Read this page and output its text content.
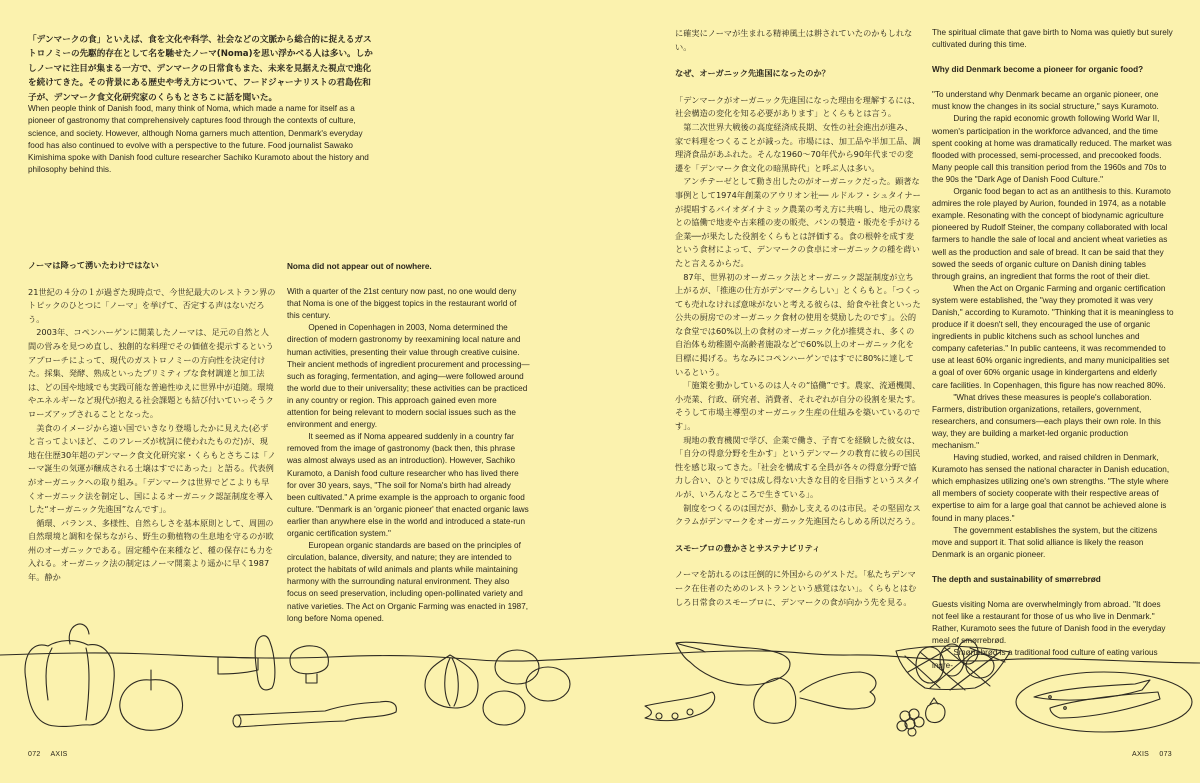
「デンマークの食」といえば、食を文化や科学、社会などの文脈から総合的に捉えるガストロノミーの先駆的存在として名を馳せたノーマ(Noma)を思い浮かべる人は多い。しかしノーマに注目が集まる一方で、デンマークの日常食もまた、未来を見据えた視点で進化を続けてきた。その背景にある歴史や考え方について、フードジャーナリストの君島佐和子が、デンマーク食文化研究家のくらもとさちこに話を聞いた。

When people think of Danish food, many think of Noma, which made a name for itself as a pioneer of gastronomy that comprehensively captures food through the contexts of culture, science, and society. However, although Noma garners much attention, Denmark's everyday food has also continued to evolve with a perspective to the future. Food journalist Sawako Kimishima spoke with Danish food culture researcher Sachiko Kuramoto about the history and philosophy behind this.

ノーマは降って湧いたわけではない

21世紀の４分の１が過ぎた現時点で、今世紀最大のレストラン界のトピックのひとつに「ノーマ」を挙げて、否定する声はないだろう。

2003年、コペンハーゲンに開業したノーマは、足元の自然と人間の営みを見つめ直し、独創的な料理でその価値を提示するというアプローチによって、現代のガストロノミーの方向性を決定付けた。採集、発酵、熟成といったプリミティブな食材調達と加工法は、どの国や地域でも実践可能な普遍性ゆえに世界中が追随。環境やエネルギーなど現代が抱える社会課題とも結び付いていっそうクローズアップされることとなった。

美食のイメージから遠い国でいきなり登場したかに見えた(必ずと言ってよいほど、このフレーズが枕詞に使われたものだ)が、現地在住歴30年超のデンマーク食文化研究家・くらもとさちこは「ノーマ誕生の気運が醸成される土壌はすでにあった」と語る。代表例がオーガニックへの取り組み。「デンマークは世界でどこよりも早くオーガニック法を制定し、国によるオーガニック認証制度を導入した“オーガニック先進国”なんです」。

循環、バランス、多様性、自然らしさを基本原則として、周囲の自然環境と調和を保ちながら、野生の動植物の生息地を守るのが欧州のオーガニックである。固定種や在来種など、種の保存にも力を入れる。オーガニック法の制定はノーマ開業より遥かに早く1987年。静か

Noma did not appear out of nowhere.

With a quarter of the 21st century now past, no one would deny that Noma is one of the biggest topics in the restaurant world of this century.

Opened in Copenhagen in 2003, Noma determined the direction of modern gastronomy by reexamining local nature and human activities, presenting their value through creative cuisine. Their ancient methods of ingredient procurement and processing—such as foraging, fermentation, and aging—were followed around the world due to their universality; these activities can be practiced in any country or region. This approach gained even more attention for being relevant to modern social issues such as the environment and energy.

It seemed as if Noma appeared suddenly in a country far removed from the image of gastronomy (back then, this phrase was almost always used as an introduction). However, Sachiko Kuramoto, a Danish food culture researcher who has lived there for over 30 years, says, "The soil for Noma's birth had already been cultivated." A prime example is the approach to organic food culture. "Denmark is an 'organic pioneer' that enacted organic laws earlier than anywhere else in the world and introduced a state-run organic certification system."

European organic standards are based on the principles of circulation, balance, diversity, and nature; they are intended to protect the habitats of wild animals and plants while maintaining harmony with the surrounding natural environment. They also focus on seed preservation, including open-pollinated variety and native varieties. The Act on Organic Farming was enacted in 1987, long before Noma opened.

に確実にノーマが生まれる精神風土は耕されていたのかもしれない。

なぜ、オーガニック先進国になったのか？

「デンマークがオーガニック先進国になった理由を理解するには、社会構造の変化を知る必要があります」とくらもとは言う。

第二次世界大戦後の高度経済成長期、女性の社会進出が進み、家で料理をつくることが減った。市場には、加工品や半加工品、調理済食品があふれた。そんな1960〜70年代から90年代までの変遷を「デンマーク食文化の暗黒時代」と呼ぶ人は多い。

アンチテーゼとして動き出したのがオーガニックだった。顕著な事例として1974年創業のアウリオン社── ルドルフ・シュタイナーが提唱するバイオダイナミック農業の考え方に共鳴し、地元の農家との協働で地麦や古来種の麦の販売、パンの製造・販売を手がける企業──が果たした役割をくらもとは評価する。食の根幹を成す麦という食材によって、デンマークの食卓にオーガニックの種を蒔いたと言えるからだ。

87年、世界初のオーガニック法とオーガニック認証制度が立ち上がるが、「推進の仕方がデンマークらしい」とくらもと。「つくっても売れなければ意味がないと考える彼らは、給食や社食といった公共の厨房でのオーガニック食材の使用を奨励したのです」。公的な食堂では60%以上の食材のオーガニック化が推奨され、多くの自治体も幼稚園や高齢者施設などで60%以上のオーガニック化を目標に掲げる。ちなみにコペンハーゲンではすでに80%に達しているという。

「施策を動かしているのは人々の“協働”です。農家、流通機関、小売業、行政、研究者、消費者、それぞれが自分の役割を果たす。そうして市場主導型のオーガニック生産の仕組みを築いているのです」。

現地の教育機関で学び、企業で働き、子育てを経験した彼女は、「自分の得意分野を生かす」というデンマークの教育に彼らの国民性を感じ取ってきた。「社会を構成する全員が各々の得意分野で協力し合い、ひとりでは成し得ない大きな目的を目指すというスタイルが、いろんなところで生きている」。

制度をつくるのは国だが、動かし支えるのは市民。その堅固なスクラムがデンマークをオーガニック先進国たらしめる所以だろう。

スモーブロの豊かさとサステナビリティ

ノーマを訪れるのは圧倒的に外国からのゲストだ。「私たちデンマーク在住者のためのレストランという感覚はない」。くらもとはむしろ日常食のスモーブロに、デンマークの食が向かう先を見る。

The spiritual climate that gave birth to Noma was quietly but surely cultivated during this time.

Why did Denmark become a pioneer for organic food?

"To understand why Denmark became an organic pioneer, one must know the changes in its social structure," says Kuramoto.

During the rapid economic growth following World War II, women's participation in the workforce advanced, and the time spent cooking at home was dramatically reduced. The market was flooded with processed, semi-processed, and precooked foods. Many people call this transition period from the 1960s and 70s to the 90s the "Dark Age of Danish Food Culture."

Organic food began to act as an antithesis to this. Kuramoto admires the role played by Aurion, founded in 1974, as a notable example. Resonating with the concept of biodynamic agriculture pioneered by Rudolf Steiner, the company collaborated with local farmers to handle the sale of local and ancient wheat varieties as well as the production and sale of bread. It can be said that they sowed the seeds of organic culture on Danish dining tables through grains, an ingredient that forms the root of their diet.

When the Act on Organic Farming and organic certification system were established, the "way they promoted it was very Danish," according to Kuramoto. "Thinking that it is meaningless to produce if it doesn't sell, they encouraged the use of organic ingredients in public kitchens such as school lunches and company cafeterias." In public canteens, it was recommended to use at least 60% organic ingredients, and many municipalities set a goal of over 60% organic usage in kindergartens and elderly care facilities. In Copenhagen, this figure has now reached 80%.

"What drives these measures is people's collaboration. Farmers, distribution organizations, retailers, government, researchers, and consumers—each plays their own role. In this way, they are building a market-led organic production mechanism."

Having studied, worked, and raised children in Denmark, Kuramoto has sensed the national character in Danish education, which emphasizes utilizing one's own strengths. "The style where all members of society cooperate with their respective areas of expertise to aim for a large goal that cannot be achieved alone is found in many places."

The government establishes the system, but the citizens move and support it. That solid alliance is likely the reason Denmark is an organic pioneer.

The depth and sustainability of smørrebrød

Guests visiting Noma are overwhelmingly from abroad. "It does not feel like a restaurant for those of us who live in Denmark." Rather, Kuramoto sees the future of Danish food in the everyday meal of smørrebrød.

Smørrebrød is a traditional food culture of eating various ingre-

072 AXIS	AXIS 073
